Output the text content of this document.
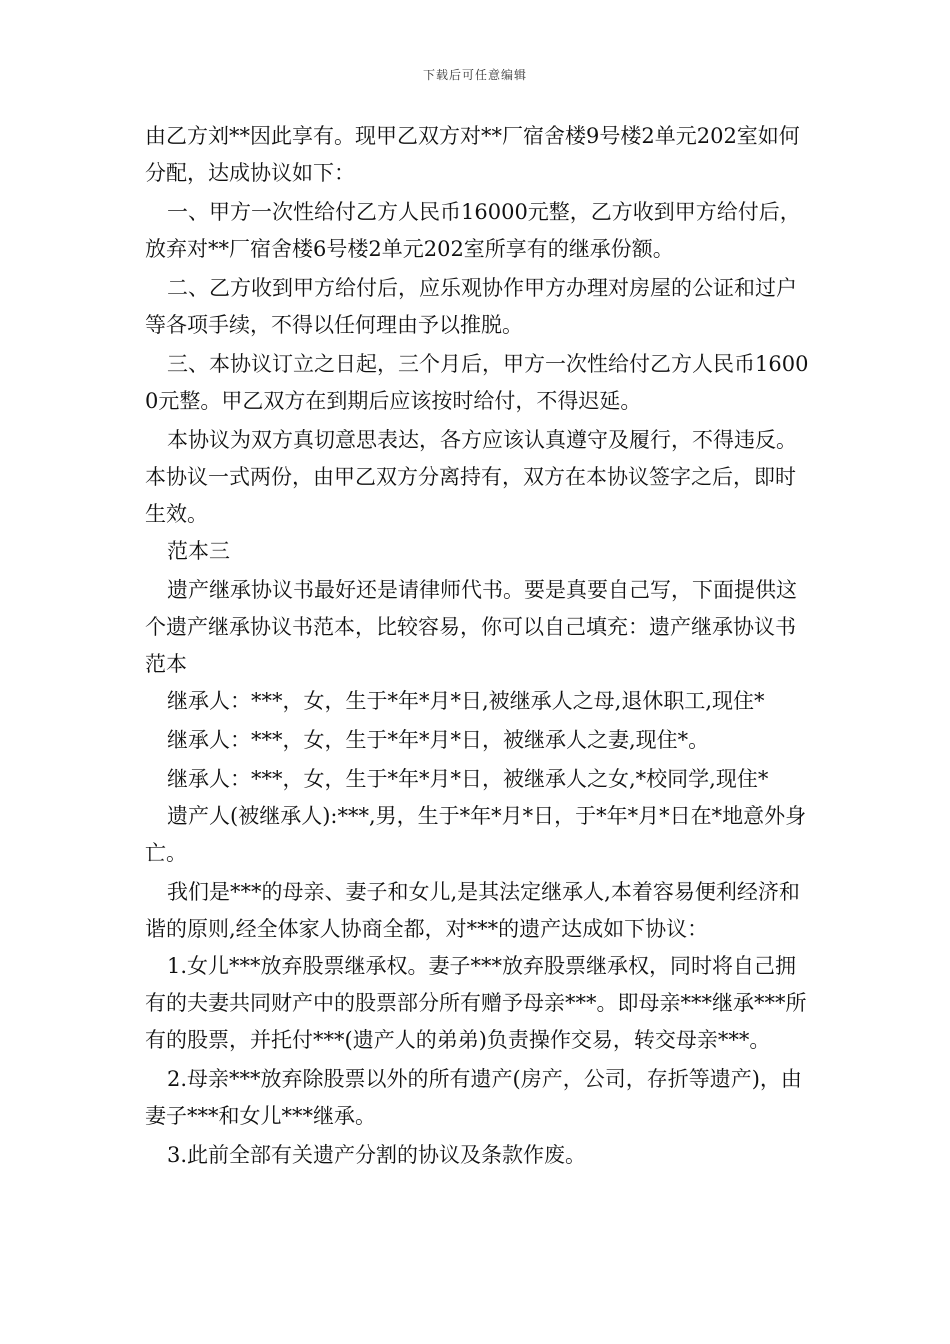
下载后可任意编辑

由乙方刘**因此享有。现甲乙双方对**厂宿舍楼9号楼2单元202室如何分配，达成协议如下：

一、甲方一次性给付乙方人民币16000元整，乙方收到甲方给付后，放弃对**厂宿舍楼6号楼2单元202室所享有的继承份额。

二、乙方收到甲方给付后，应乐观协作甲方办理对房屋的公证和过户等各项手续，不得以任何理由予以推脱。

三、本协议订立之日起，三个月后，甲方一次性给付乙方人民币16000元整。甲乙双方在到期后应该按时给付，不得迟延。

本协议为双方真切意思表达，各方应该认真遵守及履行，不得违反。本协议一式两份，由甲乙双方分离持有，双方在本协议签字之后，即时生效。

范本三

遗产继承协议书最好还是请律师代书。要是真要自己写，下面提供这个遗产继承协议书范本，比较容易，你可以自己填充：遗产继承协议书范本

继承人：***，女，生于*年*月*日,被继承人之母,退休职工,现住*

继承人：***，女，生于*年*月*日，被继承人之妻,现住*。

继承人：***，女，生于*年*月*日，被继承人之女,*校同学,现住*

遗产人(被继承人):***,男，生于*年*月*日，于*年*月*日在*地意外身亡。

我们是***的母亲、妻子和女儿,是其法定继承人,本着容易便利经济和谐的原则,经全体家人协商全都，对***的遗产达成如下协议：

1.女儿***放弃股票继承权。妻子***放弃股票继承权，同时将自己拥有的夫妻共同财产中的股票部分所有赠予母亲***。即母亲***继承***所有的股票，并托付***(遗产人的弟弟)负责操作交易，转交母亲***。

2.母亲***放弃除股票以外的所有遗产(房产，公司，存折等遗产)，由妻子***和女儿***继承。

3.此前全部有关遗产分割的协议及条款作废。
